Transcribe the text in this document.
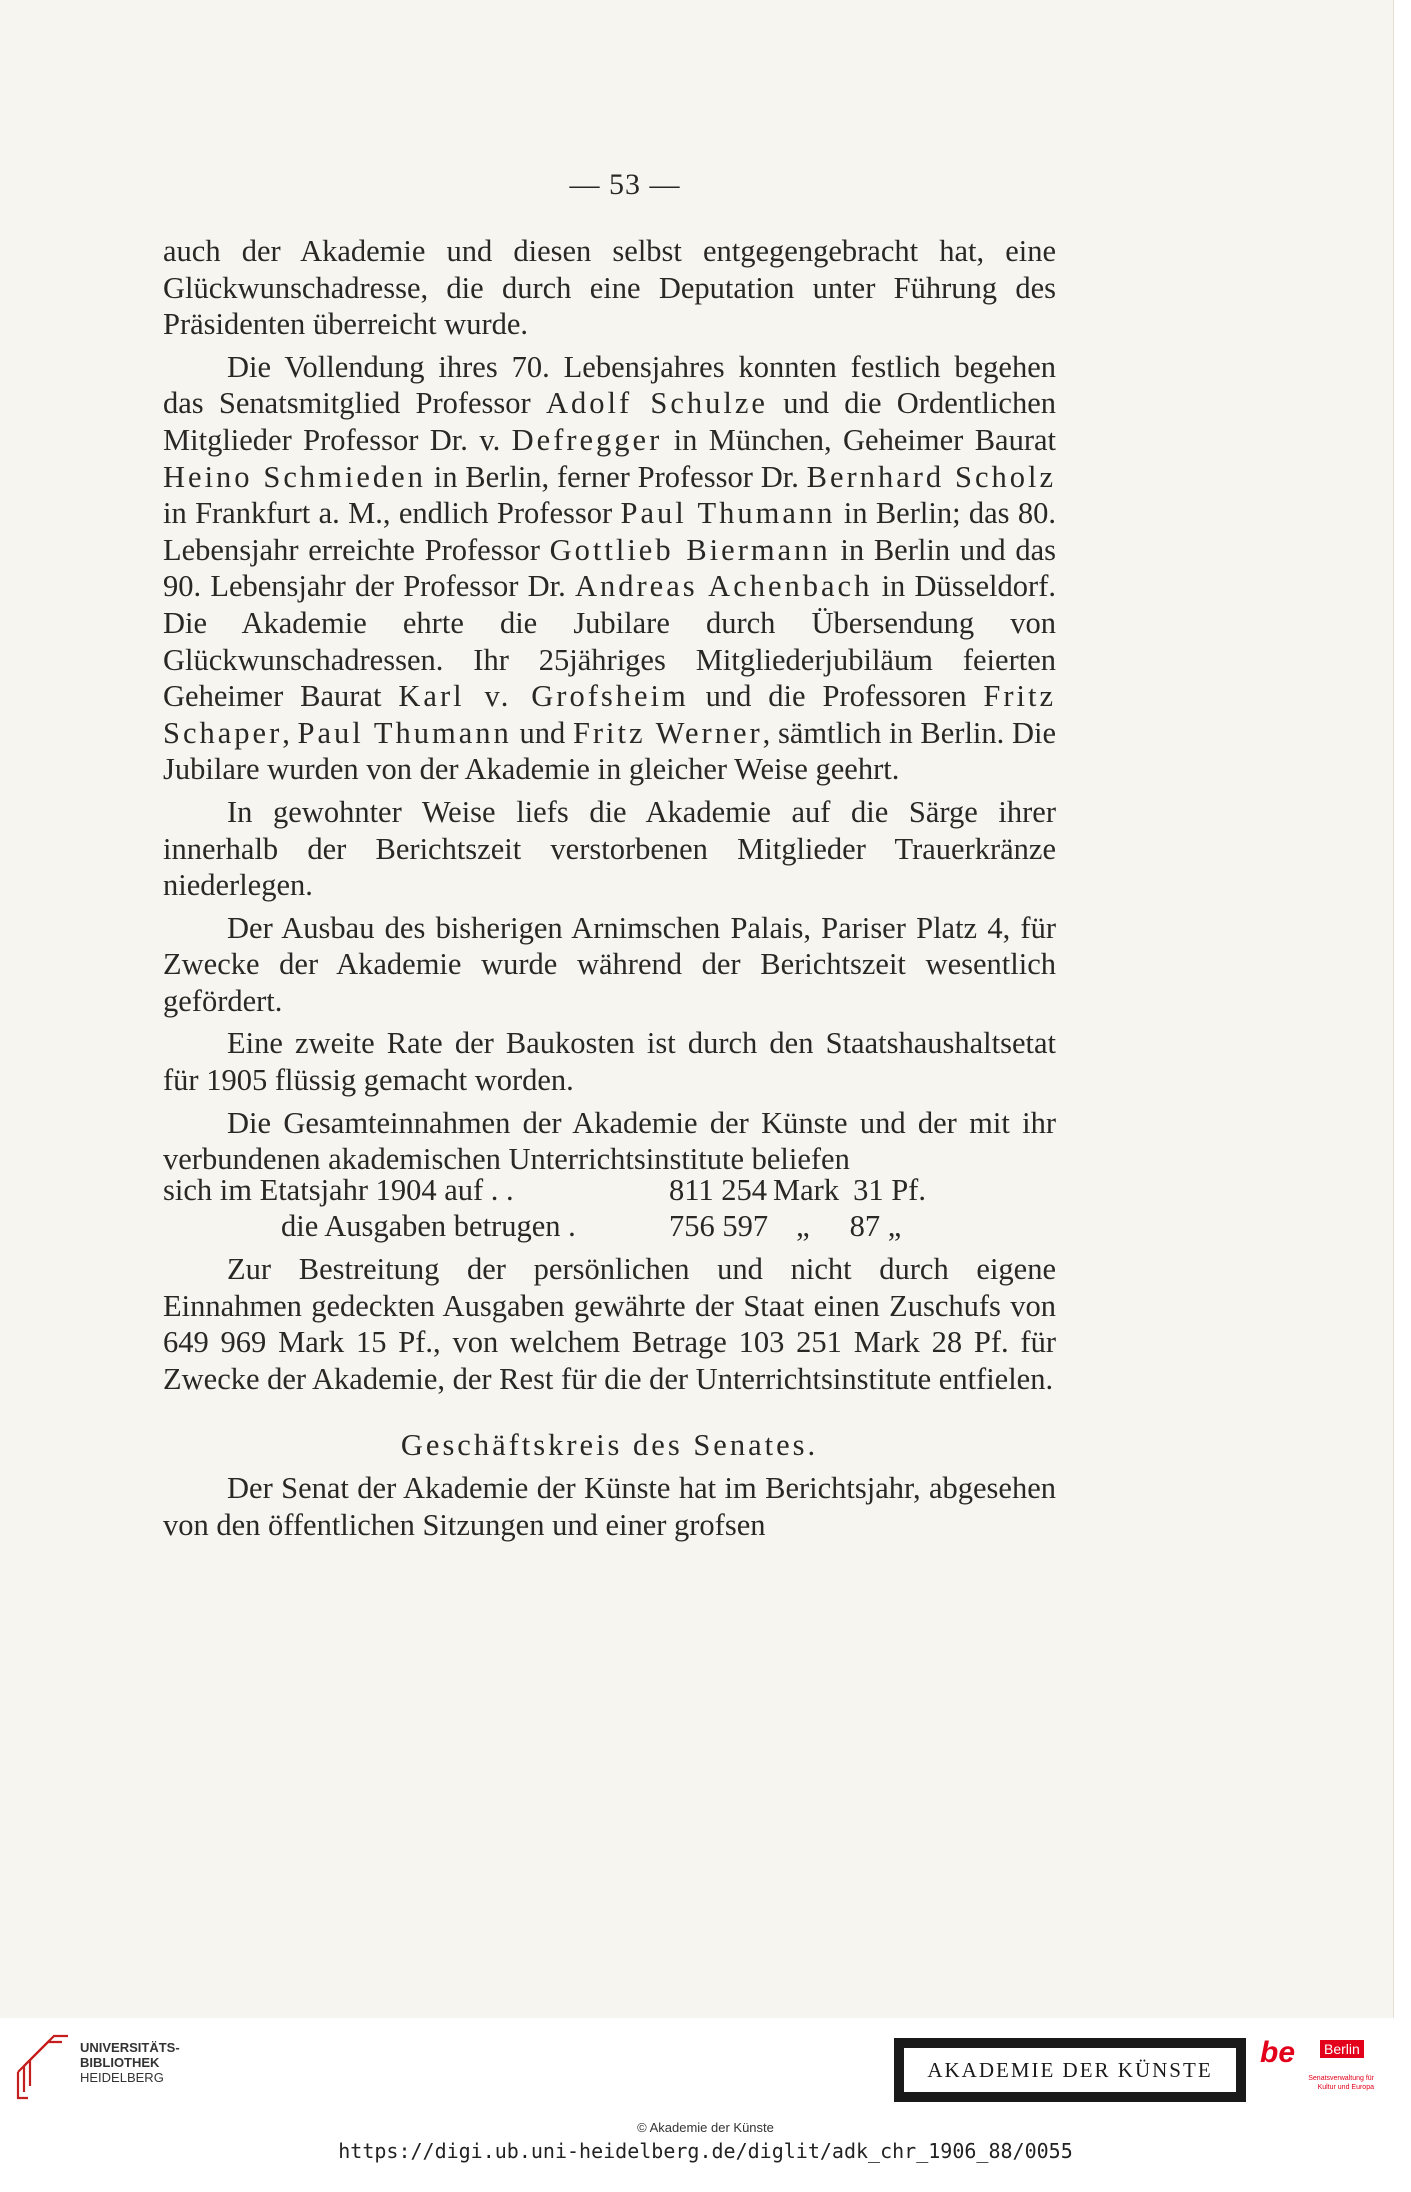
— 53 —

auch der Akademie und diesen selbst entgegengebracht hat, eine Glückwunschadresse, die durch eine Deputation unter Führung des Präsidenten überreicht wurde.

Die Vollendung ihres 70. Lebensjahres konnten festlich begehen das Senatsmitglied Professor Adolf Schulze und die Ordentlichen Mitglieder Professor Dr. v. Defregger in München, Geheimer Baurat Heino Schmieden in Berlin, ferner Professor Dr. Bernhard Scholz in Frankfurt a. M., endlich Professor Paul Thumann in Berlin; das 80. Lebensjahr erreichte Professor Gottlieb Biermann in Berlin und das 90. Lebensjahr der Professor Dr. Andreas Achenbach in Düsseldorf. Die Akademie ehrte die Jubilare durch Übersendung von Glückwunschadressen. Ihr 25jähriges Mitgliederjubiläum feierten Geheimer Baurat Karl v. Grofsheim und die Professoren Fritz Schaper, Paul Thumann und Fritz Werner, sämtlich in Berlin. Die Jubilare wurden von der Akademie in gleicher Weise geehrt.

In gewohnter Weise liefs die Akademie auf die Särge ihrer innerhalb der Berichtszeit verstorbenen Mitglieder Trauerkränze niederlegen.

Der Ausbau des bisherigen Arnimschen Palais, Pariser Platz 4, für Zwecke der Akademie wurde während der Berichtszeit wesentlich gefördert.

Eine zweite Rate der Baukosten ist durch den Staatshaushaltsetat für 1905 flüssig gemacht worden.

Die Gesamteinnahmen der Akademie der Künste und der mit ihr verbundenen akademischen Unterrichtsinstitute beliefen

sich im Etatsjahr 1904 auf . .	811 254 Mark 31 Pf.
die Ausgaben betrugen .	756 597 „ 87 „

Zur Bestreitung der persönlichen und nicht durch eigene Einnahmen gedeckten Ausgaben gewährte der Staat einen Zuschufs von 649 969 Mark 15 Pf., von welchem Betrage 103 251 Mark 28 Pf. für Zwecke der Akademie, der Rest für die der Unterrichtsinstitute entfielen.

Geschäftskreis des Senates.

Der Senat der Akademie der Künste hat im Berichtsjahr, abgesehen von den öffentlichen Sitzungen und einer grofsen

UNIVERSITÄTS-
BIBLIOTHEK
HEIDELBERG	AKADEMIE DER KÜNSTE
be Berlin
Senatsverwaltung für Kultur und Europa
© Akademie der Künste
https://digi.ub.uni-heidelberg.de/diglit/adk_chr_1906_88/0055
